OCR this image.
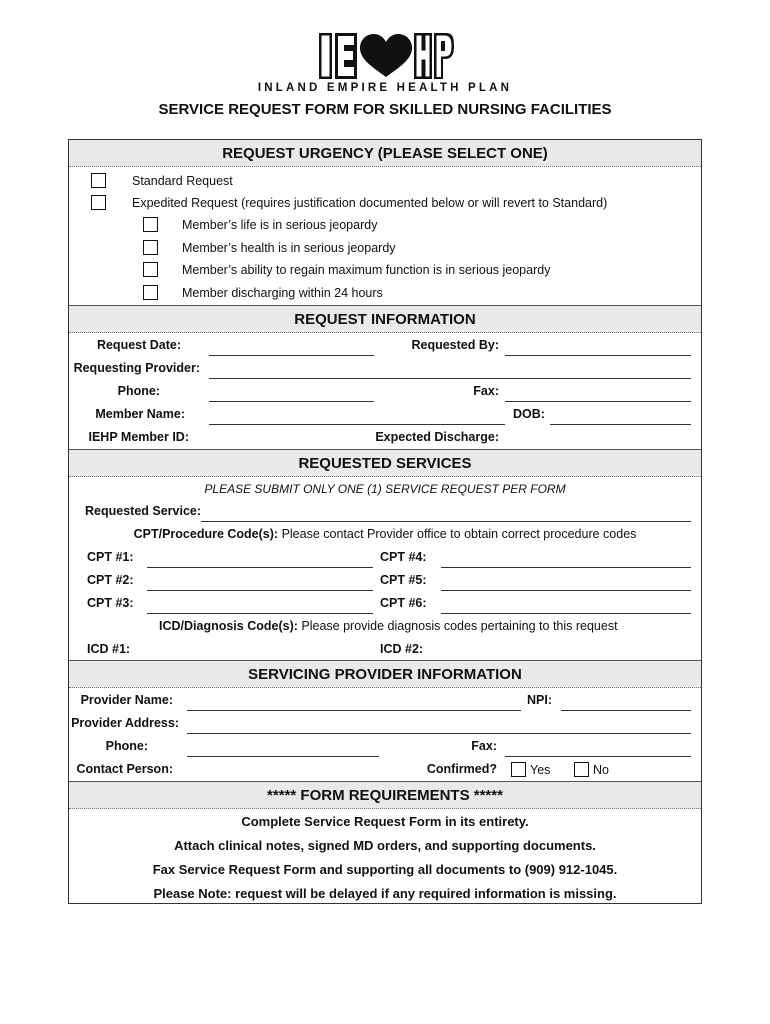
IEHP
INLAND EMPIRE HEALTH PLAN
SERVICE REQUEST FORM FOR SKILLED NURSING FACILITIES
REQUEST URGENCY (PLEASE SELECT ONE)
Standard Request
Expedited Request (requires justification documented below or will revert to Standard)
Member’s life is in serious jeopardy
Member’s health is in serious jeopardy
Member’s ability to regain maximum function is in serious jeopardy
Member discharging within 24 hours
REQUEST INFORMATION
Request Date:	Requested By:
Requesting Provider:
Phone:	Fax:
Member Name:	DOB:
IEHP Member ID:	Expected Discharge:
REQUESTED SERVICES
PLEASE SUBMIT ONLY ONE (1) SERVICE REQUEST PER FORM
Requested Service:
CPT/Procedure Code(s): Please contact Provider office to obtain correct procedure codes
CPT #1:	CPT #4:
CPT #2:	CPT #5:
CPT #3:	CPT #6:
ICD/Diagnosis Code(s): Please provide diagnosis codes pertaining to this request
ICD #1:	ICD #2:
SERVICING PROVIDER INFORMATION
Provider Name:	NPI:
Provider Address:
Phone:	Fax:
Contact Person:	Confirmed?	Yes	No
***** FORM REQUIREMENTS *****
Complete Service Request Form in its entirety.
Attach clinical notes, signed MD orders, and supporting documents.
Fax Service Request Form and supporting all documents to (909) 912-1045.
Please Note: request will be delayed if any required information is missing.
